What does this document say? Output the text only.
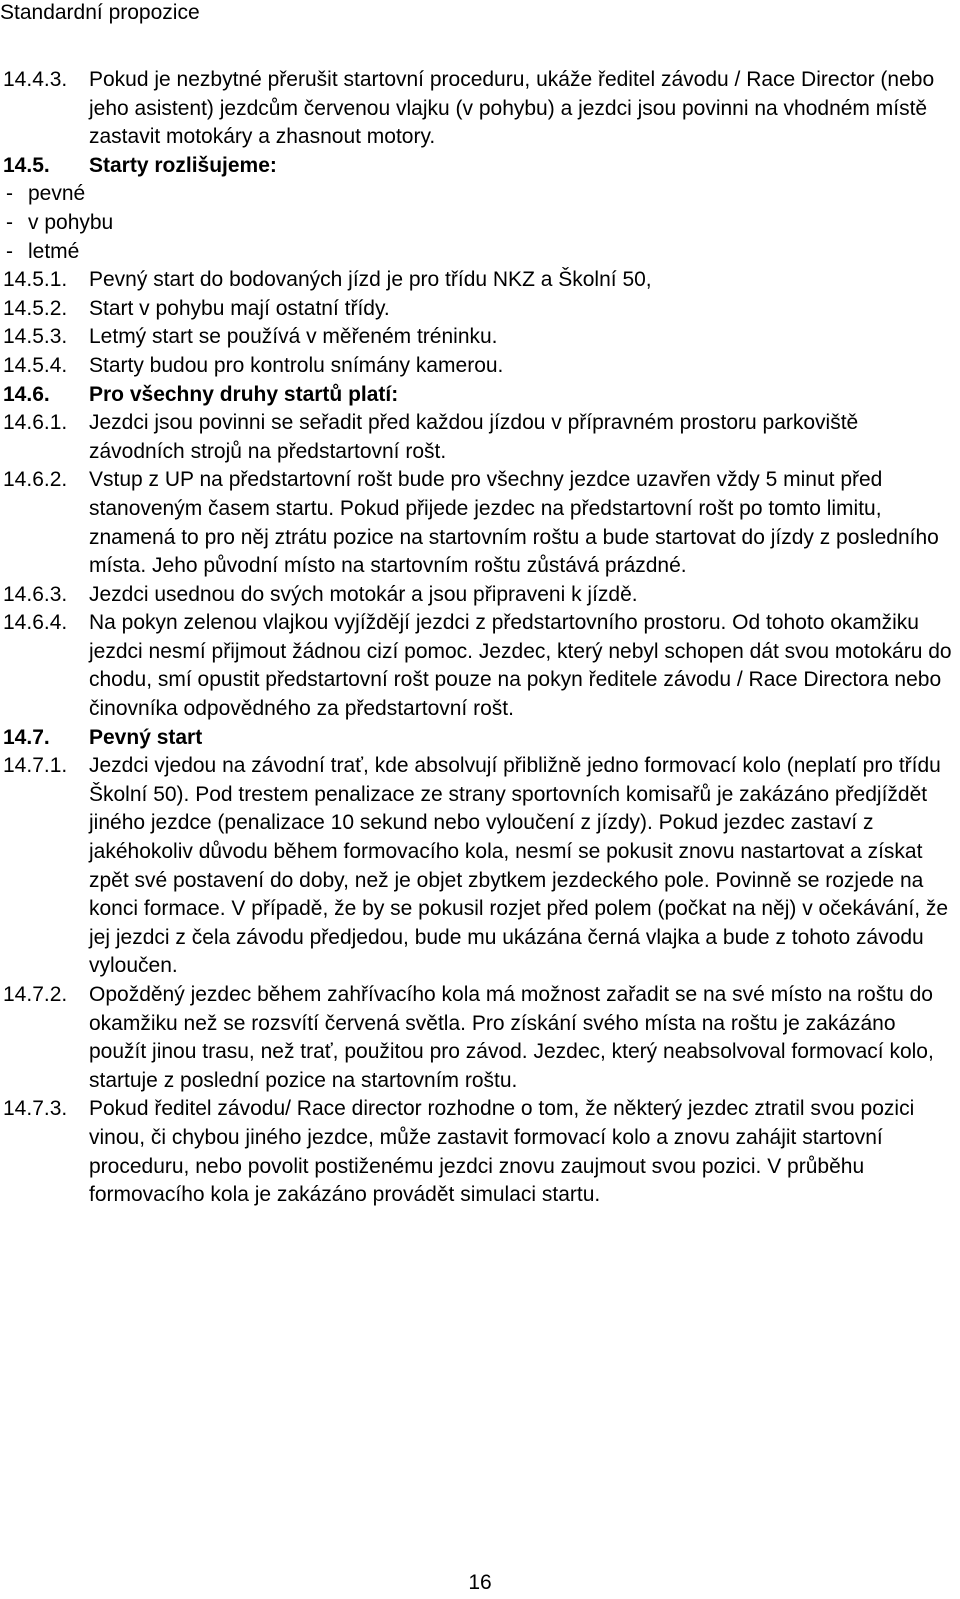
Standardní propozice
14.4.3.	Pokud je nezbytné přerušit startovní proceduru, ukáže ředitel závodu / Race Director (nebo jeho asistent) jezdcům červenou vlajku (v pohybu) a jezdci jsou povinni na vhodném místě zastavit motokáry a zhasnout motory.
14.5.	Starty rozlišujeme:
- pevné
- v pohybu
- letmé
14.5.1.	Pevný start do bodovaných jízd je pro třídu NKZ a Školní 50,
14.5.2.	Start v pohybu mají ostatní třídy.
14.5.3.	Letmý start se používá v měřeném tréninku.
14.5.4.	Starty budou pro kontrolu snímány kamerou.
14.6.	Pro všechny druhy startů platí:
14.6.1.	Jezdci jsou povinni se seřadit před každou jízdou v přípravném prostoru parkoviště závodních strojů na předstartovní rošt.
14.6.2.	Vstup z UP na předstartovní rošt bude pro všechny jezdce uzavřen vždy 5 minut před stanoveným časem startu. Pokud přijede jezdec na předstartovní rošt po tomto limitu, znamená to pro něj ztrátu pozice na startovním roštu a bude startovat do jízdy z posledního místa. Jeho původní místo na startovním roštu zůstává prázdné.
14.6.3.	Jezdci usednou do svých motokár a jsou připraveni k jízdě.
14.6.4.	Na pokyn zelenou vlajkou vyjíždějí jezdci z předstartovního prostoru. Od tohoto okamžiku jezdci nesmí přijmout žádnou cizí pomoc. Jezdec, který nebyl schopen dát svou motokáru do chodu, smí opustit předstartovní rošt pouze na pokyn ředitele závodu / Race Directora nebo činovníka odpovědného za předstartovní rošt.
14.7.	Pevný start
14.7.1.	Jezdci vjedou na závodní trať, kde absolvují přibližně jedno formovací kolo (neplatí pro třídu Školní 50). Pod trestem penalizace ze strany sportovních komisařů je zakázáno předjíždět jiného jezdce (penalizace 10 sekund nebo vyloučení z jízdy). Pokud jezdec zastaví z jakéhokoliv důvodu během formovacího kola, nesmí se pokusit znovu nastartovat a získat zpět své postavení do doby, než je objet zbytkem jezdeckého pole. Povinně se rozjede na konci formace. V případě, že by se pokusil rozjet před polem (počkat na něj) v očekávání, že jej jezdci z čela závodu předjedou, bude mu ukázána černá vlajka a bude z tohoto závodu vyloučen.
14.7.2.	Opožděný jezdec během zahřívacího kola má možnost zařadit se na své místo na roštu do okamžiku než se rozsvítí červená světla. Pro získání svého místa na roštu je zakázáno použít jinou trasu, než trať, použitou pro závod. Jezdec, který neabsolvoval formovací kolo, startuje z poslední pozice na startovním roštu.
14.7.3.	Pokud ředitel závodu/ Race director rozhodne o tom, že některý jezdec ztratil svou pozici vinou, či chybou jiného jezdce, může zastavit formovací kolo a znovu zahájit startovní proceduru, nebo povolit postiženému jezdci znovu zaujmout svou pozici. V průběhu formovacího kola je zakázáno provádět simulaci startu.
16
